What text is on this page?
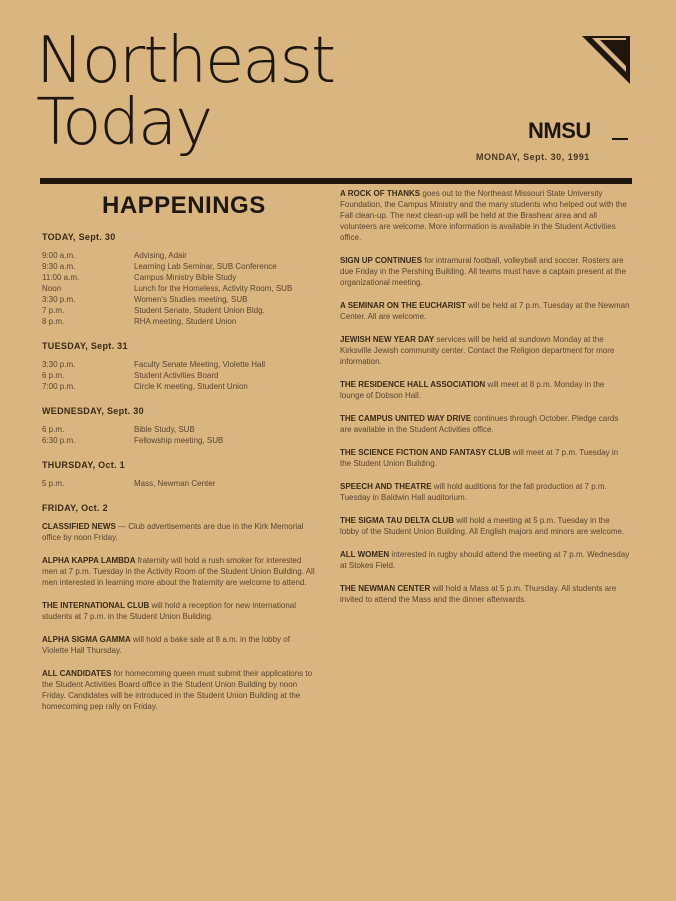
Northeast
Today	NMSU
MONDAY, Sept. 30, 1991
HAPPENINGS
TODAY, Sept. 30
9:00 a.m.	Advising, Adair
9:30 a.m.	Learning Lab Seminar, SUB Conference
11:00 a.m.	Campus Ministry Bible Study
Noon	Lunch for the Homeless, Activity Room, SUB
3:30 p.m.	Women's Studies meeting, SUB
7 p.m.	Student Senate, Student Union Bldg.
8 p.m.	RHA meeting, Student Union
TUESDAY, Sept. 31
3:30 p.m.	Faculty Senate Meeting, Violette Hall
6 p.m.	Student Activities Board
7:00 p.m.	Circle K meeting, Student Union
WEDNESDAY, Sept. 30
6 p.m.	Bible Study, SUB
6:30 p.m.	Fellowship meeting, SUB
THURSDAY, Oct. 1
5 p.m.	Mass, Newman Center
FRIDAY, Oct. 2
CLASSIFIED NEWS — Club advertisements are due in the Kirk Memorial office by noon Friday.
ALPHA KAPPA LAMBDA fraternity will hold a rush smoker for interested men at 7 p.m. Tuesday in the Activity Room of the Student Union Building. All men interested in learning more about the fraternity are welcome to attend.
THE INTERNATIONAL CLUB will hold a reception for new international students at 7 p.m. in the Student Union Building.
ALPHA SIGMA GAMMA will hold a bake sale at 8 a.m. in the lobby of Violette Hall Thursday.
ALL CANDIDATES for homecoming queen must submit their applications to the Student Activities Board office in the Student Union Building by noon Friday. Candidates will be introduced in the Student Union Building at the homecoming pep rally on Friday.
A ROCK OF THANKS goes out to the Northeast Missouri State University Foundation, the Campus Ministry and the many students who helped out with the Fall clean-up. The next clean-up will be held at the Brashear area and all volunteers are welcome. More information is available in the Student Activities office.
SIGN UP CONTINUES for intramural football, volleyball and soccer. Rosters are due Friday in the Pershing Building. All teams must have a captain present at the organizational meeting.
A SEMINAR ON THE EUCHARIST will be held at 7 p.m. Tuesday at the Newman Center. All are welcome.
JEWISH NEW YEAR DAY services will be held at sundown Monday at the Kirksville Jewish community center. Contact the Religion department for more information.
THE RESIDENCE HALL ASSOCIATION will meet at 8 p.m. Monday in the lounge of Dobson Hall.
THE CAMPUS UNITED WAY DRIVE continues through October. Pledge cards are available in the Student Activities office.
THE SCIENCE FICTION AND FANTASY CLUB will meet at 7 p.m. Tuesday in the Student Union Building.
SPEECH AND THEATRE will hold auditions for the fall production at 7 p.m. Tuesday in Baldwin Hall auditorium.
THE SIGMA TAU DELTA CLUB will hold a meeting at 5 p.m. Tuesday in the lobby of the Student Union Building. All English majors and minors are welcome.
ALL WOMEN interested in rugby should attend the meeting at 7 p.m. Wednesday at Stokes Field.
THE NEWMAN CENTER will hold a Mass at 5 p.m. Thursday. All students are invited to attend the Mass and the dinner afterwards.
